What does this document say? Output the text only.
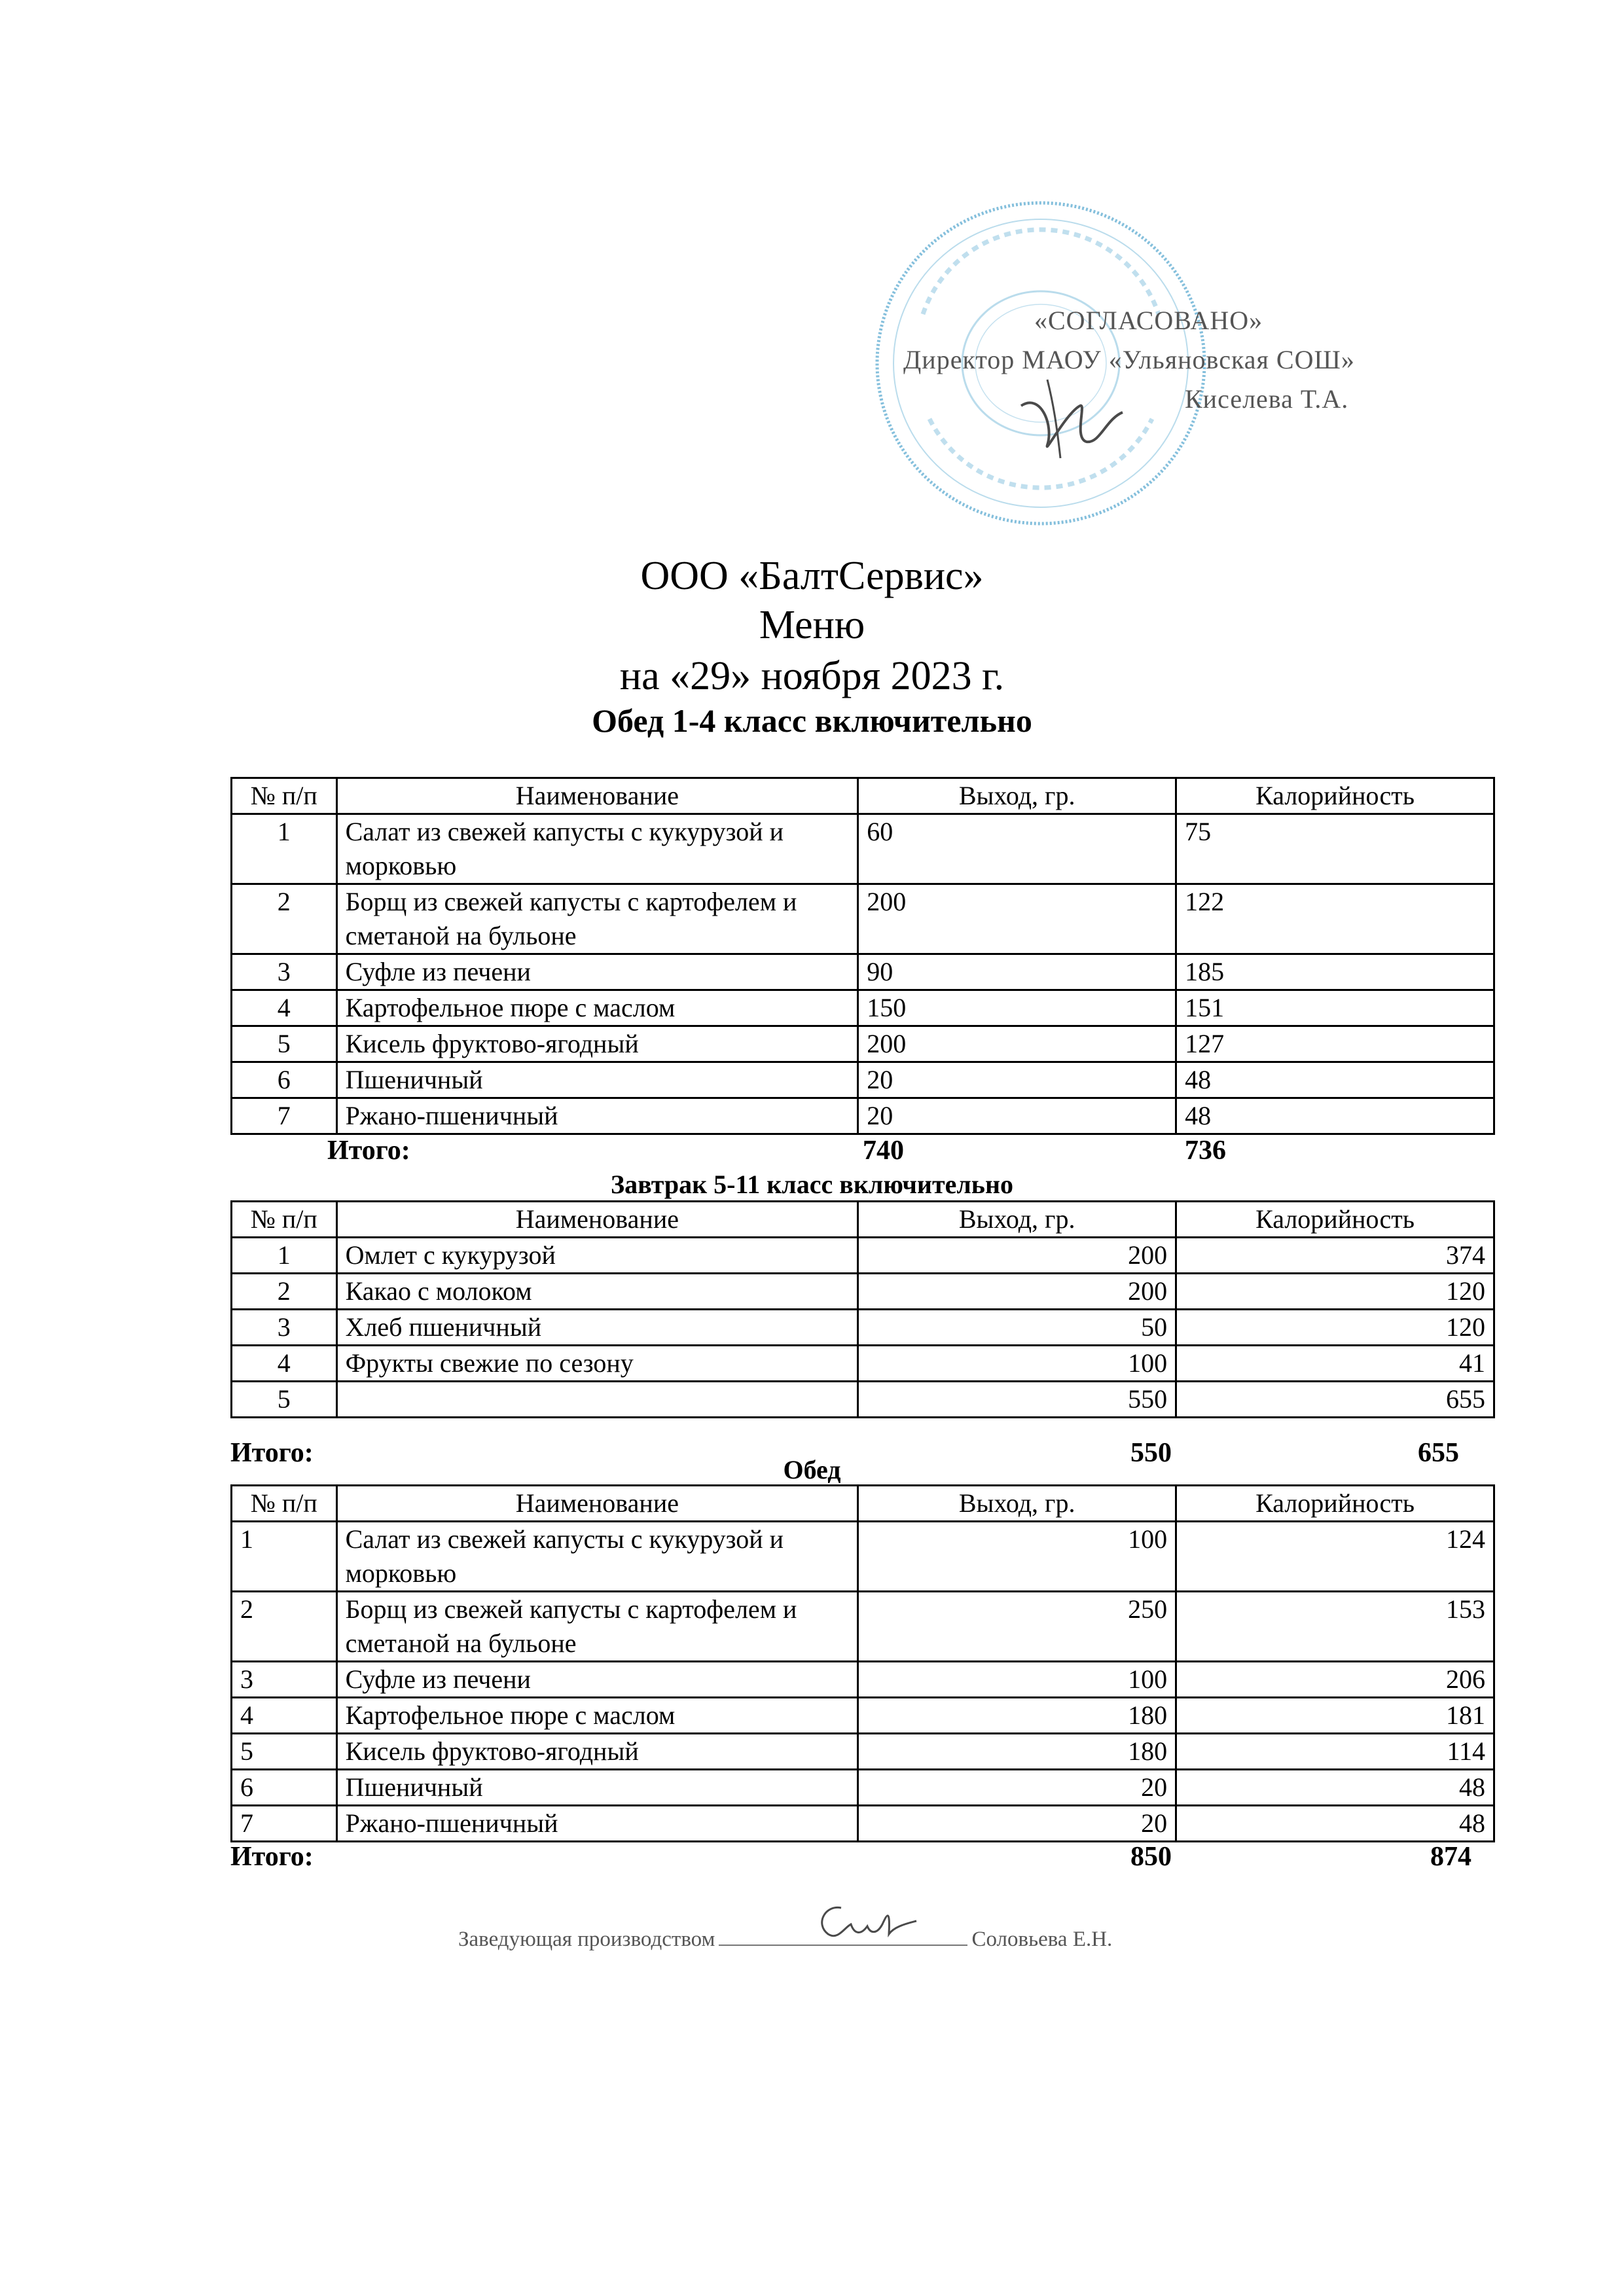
«СОГЛАСОВАНО»
Директор МАОУ «Ульяновская СОШ»
Киселева Т.А.
ООО «БалтСервис»
Меню
на «29» ноября 2023 г.
Обед 1-4 класс включительно
№ п/п	Наименование	Выход, гр.	Калорийность
1	Салат из свежей капусты с кукурузой и морковью	60	75
2	Борщ из свежей капусты с картофелем и сметаной на бульоне	200	122
3	Суфле из печени	90	185
4	Картофельное пюре с маслом	150	151
5	Кисель фруктово-ягодный	200	127
6	Пшеничный	20	48
7	Ржано-пшеничный	20	48
Итого:	740	736
Завтрак 5-11 класс включительно
№ п/п	Наименование	Выход, гр.	Калорийность
1	Омлет с кукурузой	200	374
2	Какао с молоком	200	120
3	Хлеб пшеничный	50	120
4	Фрукты свежие по сезону	100	41
5		550	655
Итого:	550	655
Обед
№ п/п	Наименование	Выход, гр.	Калорийность
1	Салат из свежей капусты с кукурузой и морковью	100	124
2	Борщ из свежей капусты с картофелем и сметаной на бульоне	250	153
3	Суфле из печени	100	206
4	Картофельное пюре с маслом	180	181
5	Кисель фруктово-ягодный	180	114
6	Пшеничный	20	48
7	Ржано-пшеничный	20	48
Итого:	850	874
Заведующая производством	Соловьева Е.Н.
